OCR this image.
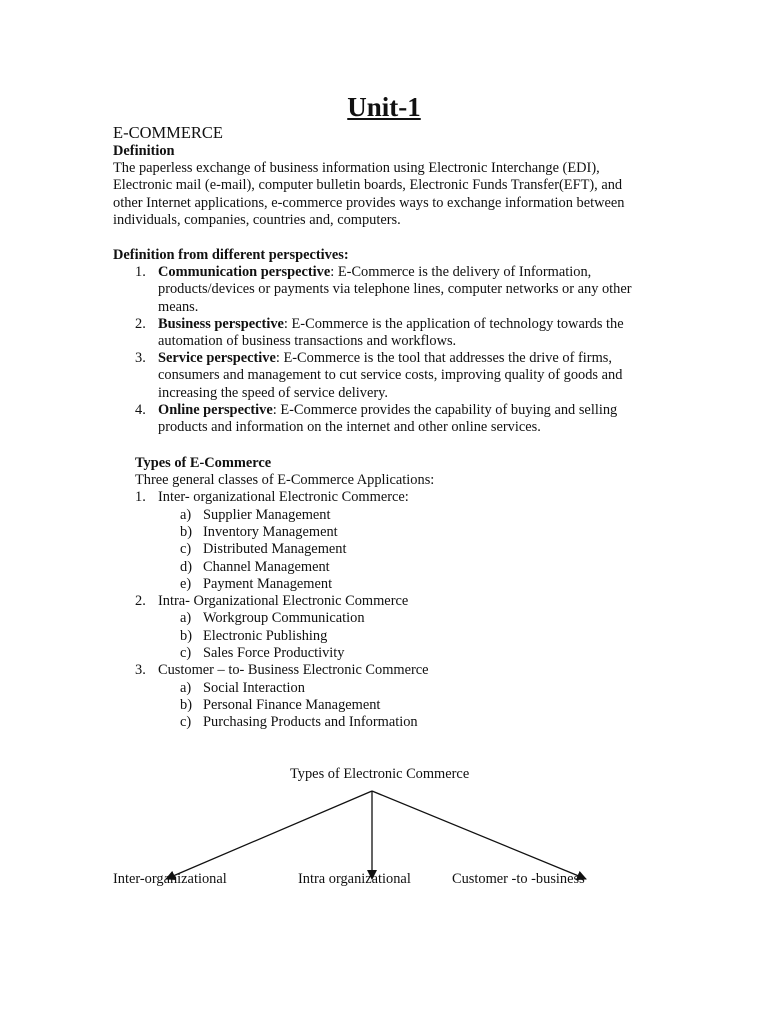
Unit-1
E-COMMERCE
Definition
The paperless exchange of business information using Electronic Interchange (EDI),
Electronic mail (e-mail), computer bulletin boards, Electronic Funds Transfer(EFT), and
other Internet applications, e-commerce provides ways to exchange information between
individuals, companies, countries and, computers.
Definition from different perspectives:
1. Communication perspective: E-Commerce is the delivery of Information,
products/devices or payments via telephone lines, computer networks or any other
means.
2. Business perspective: E-Commerce is the application of technology towards the
automation of business transactions and workflows.
3. Service perspective: E-Commerce is the tool that addresses the drive of firms,
consumers and management to cut service costs, improving quality of goods and
increasing the speed of service delivery.
4. Online perspective: E-Commerce provides the capability of buying and selling
products and information on the internet and other online services.
Types of E-Commerce
Three general classes of E-Commerce Applications:
1. Inter- organizational Electronic Commerce:
a) Supplier Management
b) Inventory Management
c) Distributed Management
d) Channel Management
e) Payment Management
2. Intra- Organizational Electronic Commerce
a) Workgroup Communication
b) Electronic Publishing
c) Sales Force Productivity
3. Customer – to- Business Electronic Commerce
a) Social Interaction
b) Personal Finance Management
c) Purchasing Products and Information
Types of Electronic Commerce
Inter-organizational	Intra organizational	Customer -to -business
